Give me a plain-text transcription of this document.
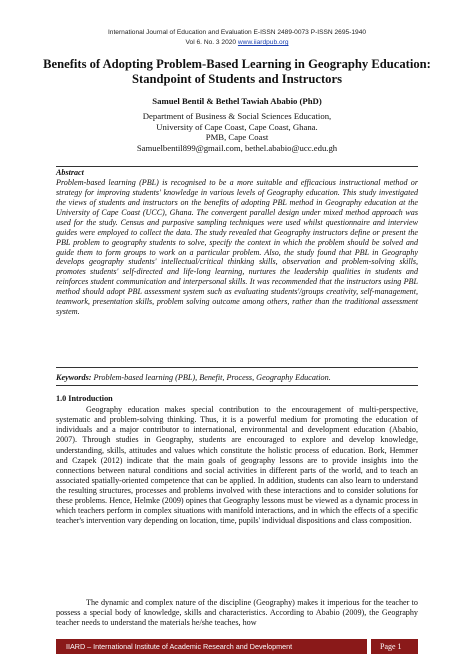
International Journal of Education and Evaluation E-ISSN 2489-0073 P-ISSN 2695-1940
Vol 6. No. 3 2020 www.iiardpub.org
Benefits of Adopting Problem-Based Learning in Geography Education: Standpoint of Students and Instructors
Samuel Bentil & Bethel Tawiah Ababio (PhD)
Department of Business & Social Sciences Education,
University of Cape Coast, Cape Coast, Ghana.
PMB, Cape Coast
Samuelbentil899@gmail.com, bethel.ababio@ucc.edu.gh
Abstract
Problem-based learning (PBL) is recognised to be a more suitable and efficacious instructional method or strategy for improving students' knowledge in various levels of Geography education. This study investigated the views of students and instructors on the benefits of adopting PBL method in Geography education at the University of Cape Coast (UCC), Ghana. The convergent parallel design under mixed method approach was used for the study. Census and purposive sampling techniques were used whilst questionnaire and interview guides were employed to collect the data. The study revealed that Geography instructors define or present the PBL problem to geography students to solve, specify the context in which the problem should be solved and guide them to form groups to work on a particular problem. Also, the study found that PBL in Geography develops geography students' intellectual/critical thinking skills, observation and problem-solving skills, promotes students' self-directed and life-long learning, nurtures the leadership qualities in students and reinforces student communication and interpersonal skills. It was recommended that the instructors using PBL method should adopt PBL assessment system such as evaluating students'/groups creativity, self-management, teamwork, presentation skills, problem solving outcome among others, rather than the traditional assessment system.
Keywords: Problem-based learning (PBL), Benefit, Process, Geography Education.
1.0 Introduction

Geography education makes special contribution to the encouragement of multi-perspective, systematic and problem-solving thinking. Thus, it is a powerful medium for promoting the education of individuals and a major contributor to international, environmental and development education (Ababio, 2007). Through studies in Geography, students are encouraged to explore and develop knowledge, understanding, skills, attitudes and values which constitute the holistic process of education. Bork, Hemmer and Czapek (2012) indicate that the main goals of geography lessons are to provide insights into the connections between natural conditions and social activities in different parts of the world, and to teach an associated spatially-oriented competence that can be applied. In addition, students can also learn to understand the resulting structures, processes and problems involved with these interactions and to consider solutions for these problems. Hence, Helmke (2009) opines that Geography lessons must be viewed as a dynamic process in which teachers perform in complex situations with manifold interactions, and in which the effects of a specific teacher's intervention vary depending on location, time, pupils' individual dispositions and class composition.

The dynamic and complex nature of the discipline (Geography) makes it imperious for the teacher to possess a special body of knowledge, skills and characteristics. According to Ababio (2009), the Geography teacher needs to understand the materials he/she teaches, how

IIARD – International Institute of Academic Research and Development	Page 1
